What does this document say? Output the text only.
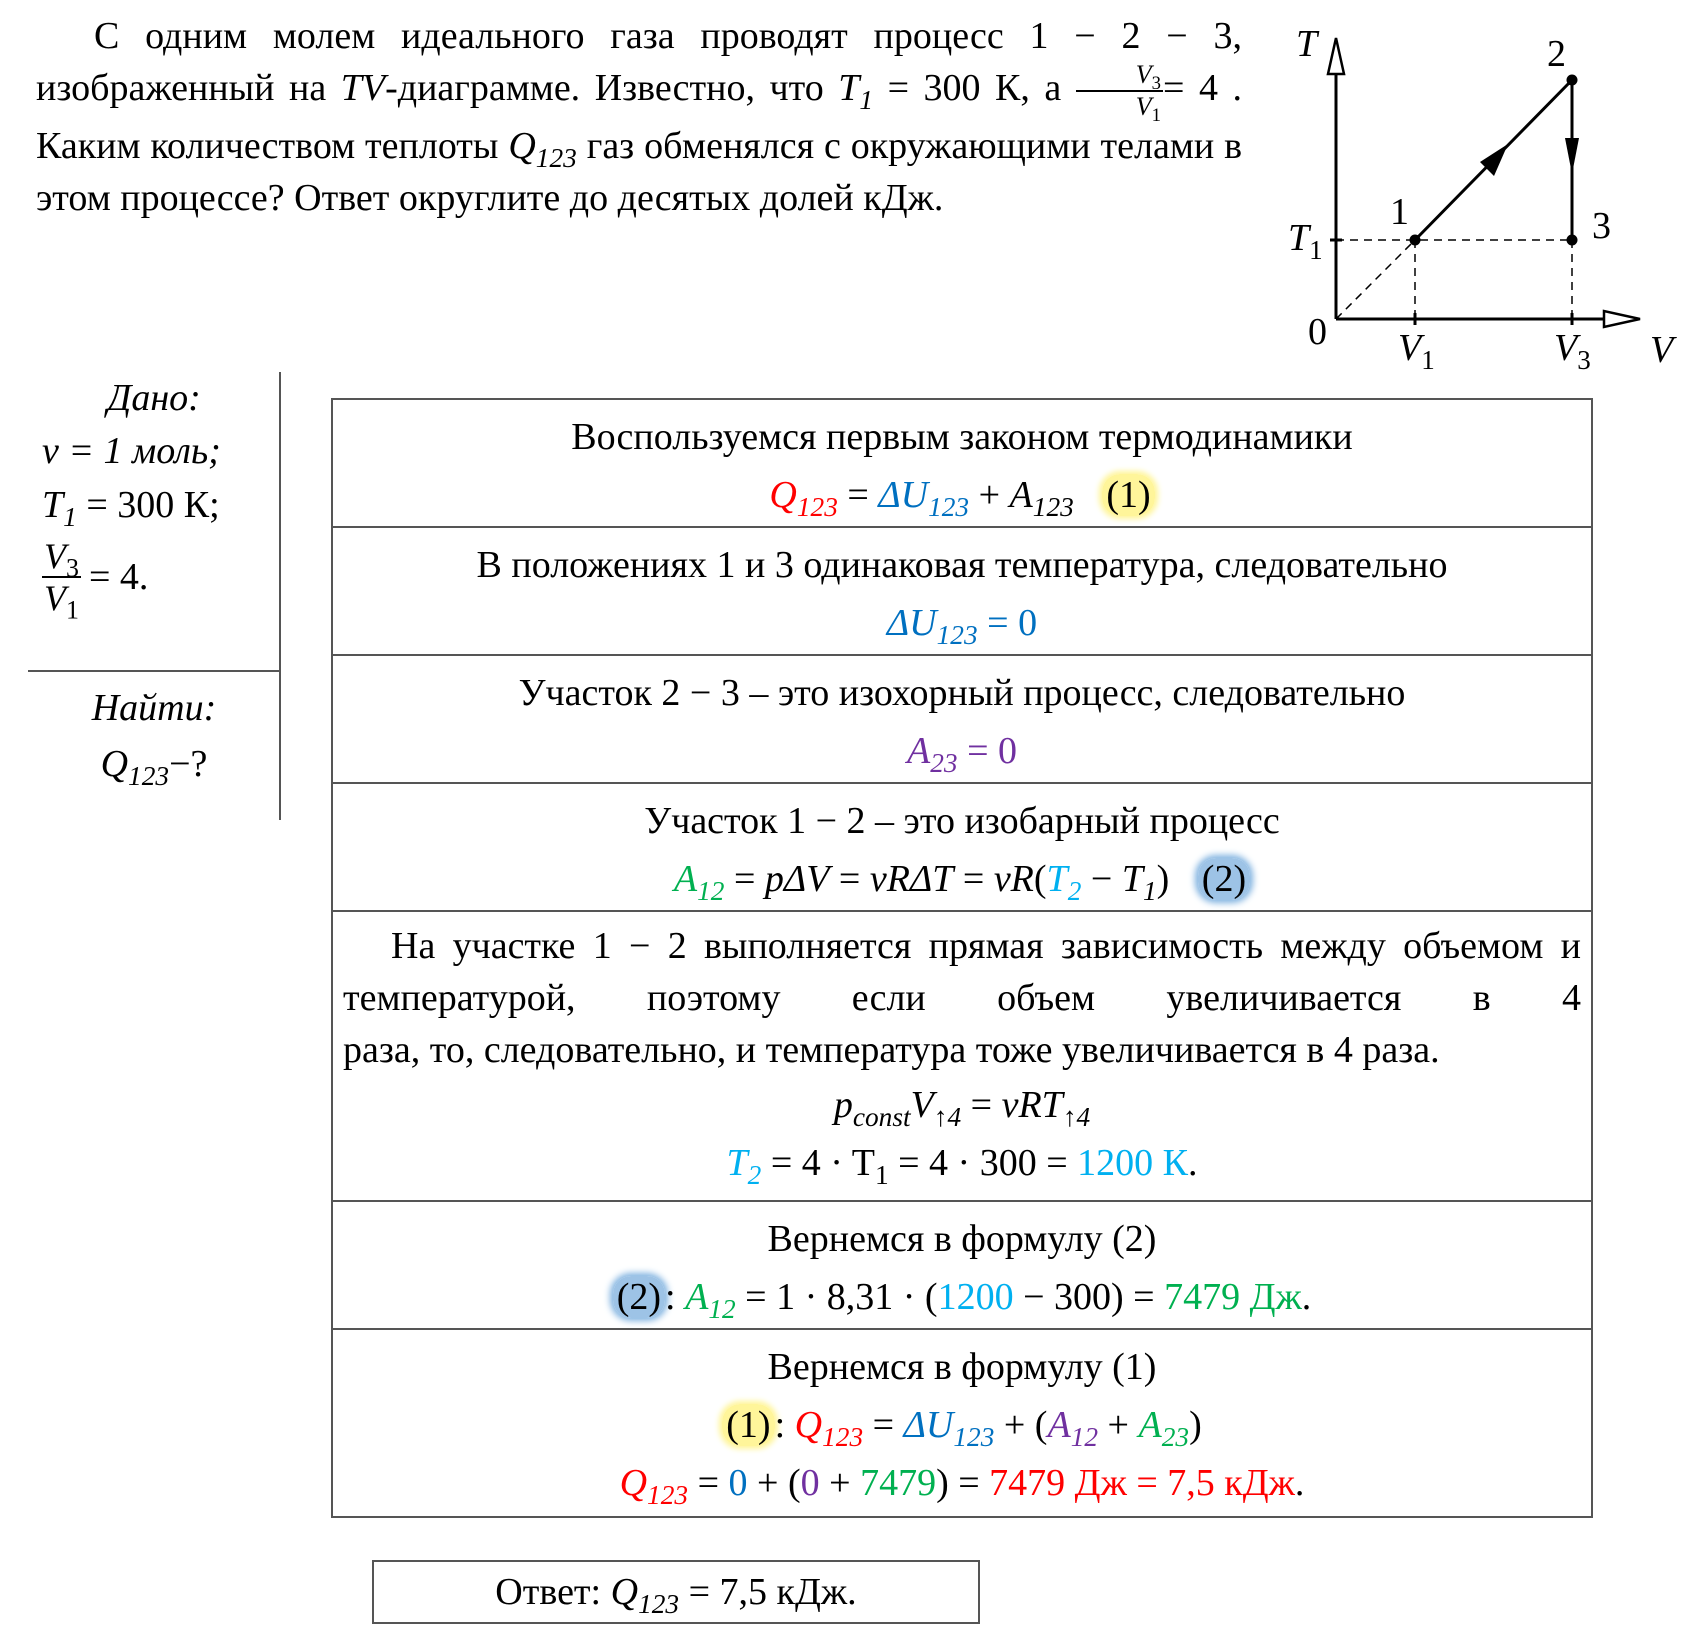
С одним молем идеального газа проводят процесс 1 − 2 − 3, изображенный на TV-диаграмме. Известно, что $T_1 = 300$ К, а $\frac{V_3}{V_1} = 4$ . Каким количеством теплоты $Q_{123}$ газ обменялся с окружающими телами в этом процессе? Ответ округлите до десятых долей кДж.

T
V
0
$T_1$
$V_1$	$V_3$
1
2
3
Дано:
ν = 1 моль;
$T_1 = 300$ К;
$\frac{V_3}{V_1} = 4$.
Найти:
$Q_{123}-$?
Воспользуемся первым законом термодинамики
$Q_{123} = \Delta U_{123} + A_{123}$ (1)
В положениях 1 и 3 одинаковая температура, следовательно
$\Delta U_{123} = 0$
Участок 2 − 3 – это изохорный процесс, следовательно
$A_{23} = 0$
Участок 1 − 2 – это изобарный процесс
$A_{12} = p\Delta V = \nu R\Delta T = \nu R(T_2 - T_1)$   (2)
На участке 1 − 2 выполняется прямая зависимость между объемом и температурой, поэтому если объем увеличивается в 4
раза, то, следовательно, и температура тоже увеличивается в 4 раза.
$p_{const}V_{↑4} = \nu RT_{↑4}$
$T_2 = 4 \cdot T_1 = 4 \cdot 300 = 1200$ К.
Вернемся в формулу (2)
(2) : $A_{12} = 1 \cdot 8,31 \cdot (1200 - 300) = 7479$ Дж.
Вернемся в формулу (1)
(1) : $Q_{123} = \Delta U_{123} + (A_{12} + A_{23})$
$Q_{123} = 0 + (0 + 7479) = 7479$ Дж = 7,5 кДж.
Ответ:
$Q_{123}$
= 7,5 кДж.
